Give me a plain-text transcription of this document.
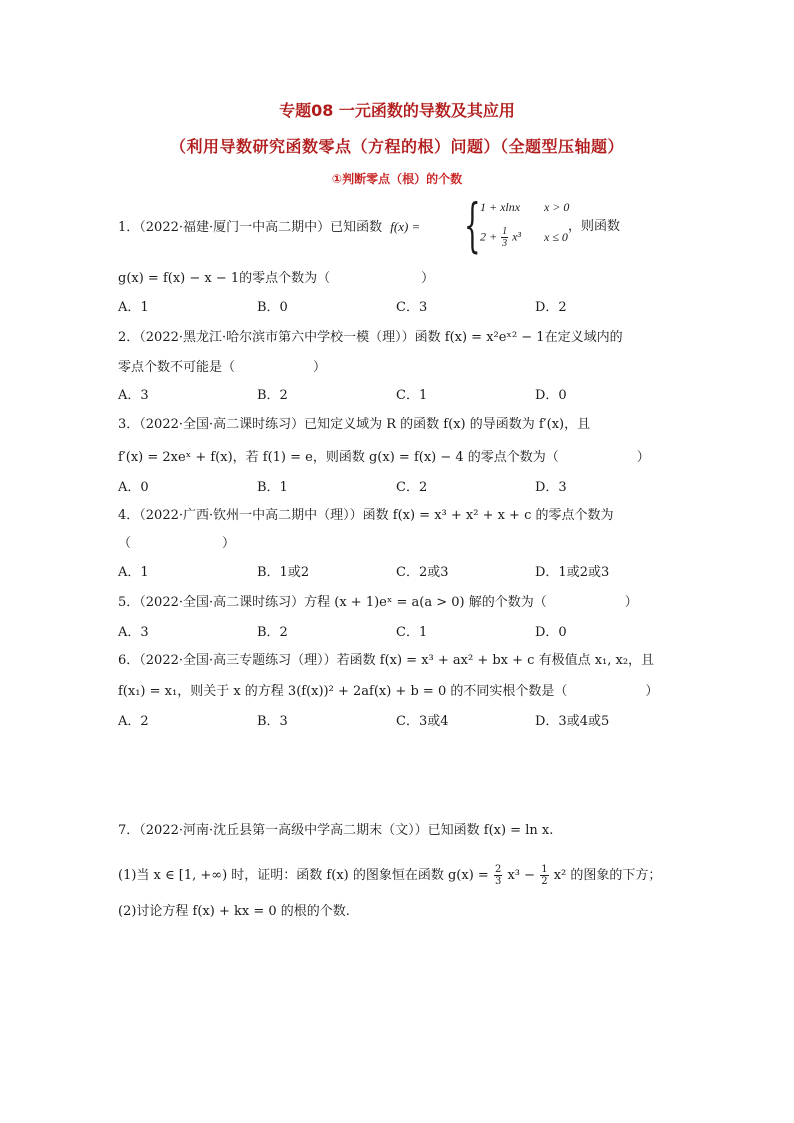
专题08 一元函数的导数及其应用
（利用导数研究函数零点（方程的根）问题）（全题型压轴题）
①判断零点（根）的个数
1．（2022·福建·厦门一中高二期中）已知函数 f(x) = { 1 + xlnx x > 0
$2 + \frac{1}{3} x^3$ x ≤ 0
，则函数
g(x) = f(x) − x − 1的零点个数为（　　　　　　　）
A．1	B．0	C．3	D．2
2．（2022·黑龙江·哈尔滨市第六中学校一模（理））函数 f(x) = x²eˣ² − 1在定义域内的
零点个数不可能是（　　　　　　）
A．3	B．2	C．1	D．0
3．（2022·全国·高二课时练习）已知定义域为 R 的函数 f(x) 的导函数为 f′(x)，且
f′(x) = 2xeˣ + f(x)，若 f(1) = e，则函数 g(x) = f(x) − 4 的零点个数为（　　　　　　）
A．0	B．1	C．2	D．3
4．（2022·广西·钦州一中高二期中（理））函数 f(x) = x³ + x² + x + c 的零点个数为
（　　　　　　　）
A．1	B．1或2	C．2或3	D．1或2或3
5．（2022·全国·高二课时练习）方程 (x + 1)eˣ = a(a > 0) 解的个数为（　　　　　　）
A．3	B．2	C．1	D．0
6．（2022·全国·高三专题练习（理））若函数 f(x) = x³ + ax² + bx + c 有极值点 x₁, x₂，且
f(x₁) = x₁，则关于 x 的方程 3(f(x))² + 2af(x) + b = 0 的不同实根个数是（　　　　　　）
A．2	B．3	C．3或4	D．3或4或5
7．（2022·河南·沈丘县第一高级中学高二期末（文））已知函数 f(x) = ln x.
(1)当 x ∈ [1, +∞) 时，证明：函数 f(x) 的图象恒在函数 $g(x) = \frac{2}{3} x^3 - \frac{1}{2} x^2$ 的图象的下方；
(2)讨论方程 f(x) + kx = 0 的根的个数.
